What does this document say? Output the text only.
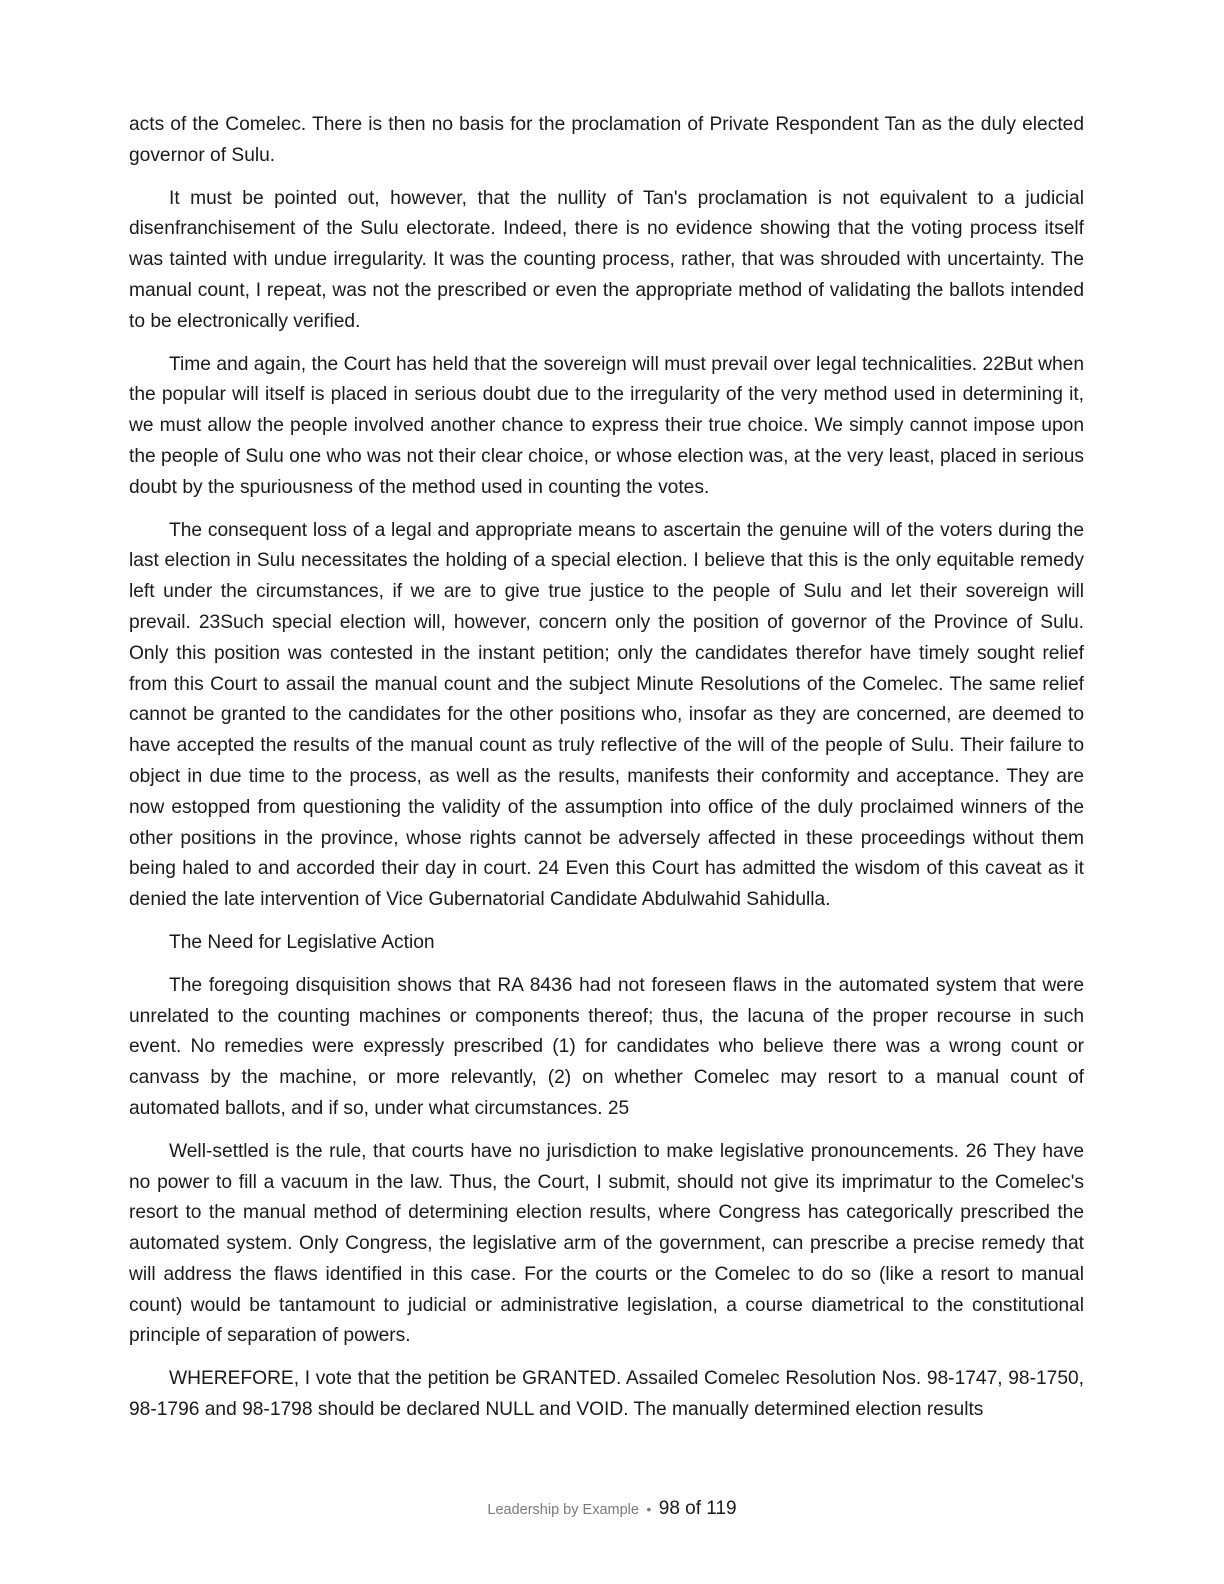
acts of the Comelec. There is then no basis for the proclamation of Private Respondent Tan as the duly elected governor of Sulu.

It must be pointed out, however, that the nullity of Tan's proclamation is not equivalent to a judicial disenfranchisement of the Sulu electorate. Indeed, there is no evidence showing that the voting process itself was tainted with undue irregularity. It was the counting process, rather, that was shrouded with uncertainty. The manual count, I repeat, was not the prescribed or even the appropriate method of validating the ballots intended to be electronically verified.

Time and again, the Court has held that the sovereign will must prevail over legal technicalities. 22But when the popular will itself is placed in serious doubt due to the irregularity of the very method used in determining it, we must allow the people involved another chance to express their true choice. We simply cannot impose upon the people of Sulu one who was not their clear choice, or whose election was, at the very least, placed in serious doubt by the spuriousness of the method used in counting the votes.

The consequent loss of a legal and appropriate means to ascertain the genuine will of the voters during the last election in Sulu necessitates the holding of a special election. I believe that this is the only equitable remedy left under the circumstances, if we are to give true justice to the people of Sulu and let their sovereign will prevail. 23Such special election will, however, concern only the position of governor of the Province of Sulu. Only this position was contested in the instant petition; only the candidates therefor have timely sought relief from this Court to assail the manual count and the subject Minute Resolutions of the Comelec. The same relief cannot be granted to the candidates for the other positions who, insofar as they are concerned, are deemed to have accepted the results of the manual count as truly reflective of the will of the people of Sulu. Their failure to object in due time to the process, as well as the results, manifests their conformity and acceptance. They are now estopped from questioning the validity of the assumption into office of the duly proclaimed winners of the other positions in the province, whose rights cannot be adversely affected in these proceedings without them being haled to and accorded their day in court. 24 Even this Court has admitted the wisdom of this caveat as it denied the late intervention of Vice Gubernatorial Candidate Abdulwahid Sahidulla.

The Need for Legislative Action

The foregoing disquisition shows that RA 8436 had not foreseen flaws in the automated system that were unrelated to the counting machines or components thereof; thus, the lacuna of the proper recourse in such event. No remedies were expressly prescribed (1) for candidates who believe there was a wrong count or canvass by the machine, or more relevantly, (2) on whether Comelec may resort to a manual count of automated ballots, and if so, under what circumstances. 25

Well-settled is the rule, that courts have no jurisdiction to make legislative pronouncements. 26 They have no power to fill a vacuum in the law. Thus, the Court, I submit, should not give its imprimatur to the Comelec's resort to the manual method of determining election results, where Congress has categorically prescribed the automated system. Only Congress, the legislative arm of the government, can prescribe a precise remedy that will address the flaws identified in this case. For the courts or the Comelec to do so (like a resort to manual count) would be tantamount to judicial or administrative legislation, a course diametrical to the constitutional principle of separation of powers.

WHEREFORE, I vote that the petition be GRANTED. Assailed Comelec Resolution Nos. 98-1747, 98-1750, 98-1796 and 98-1798 should be declared NULL and VOID. The manually determined election results

Leadership by Example • 98 of 119
